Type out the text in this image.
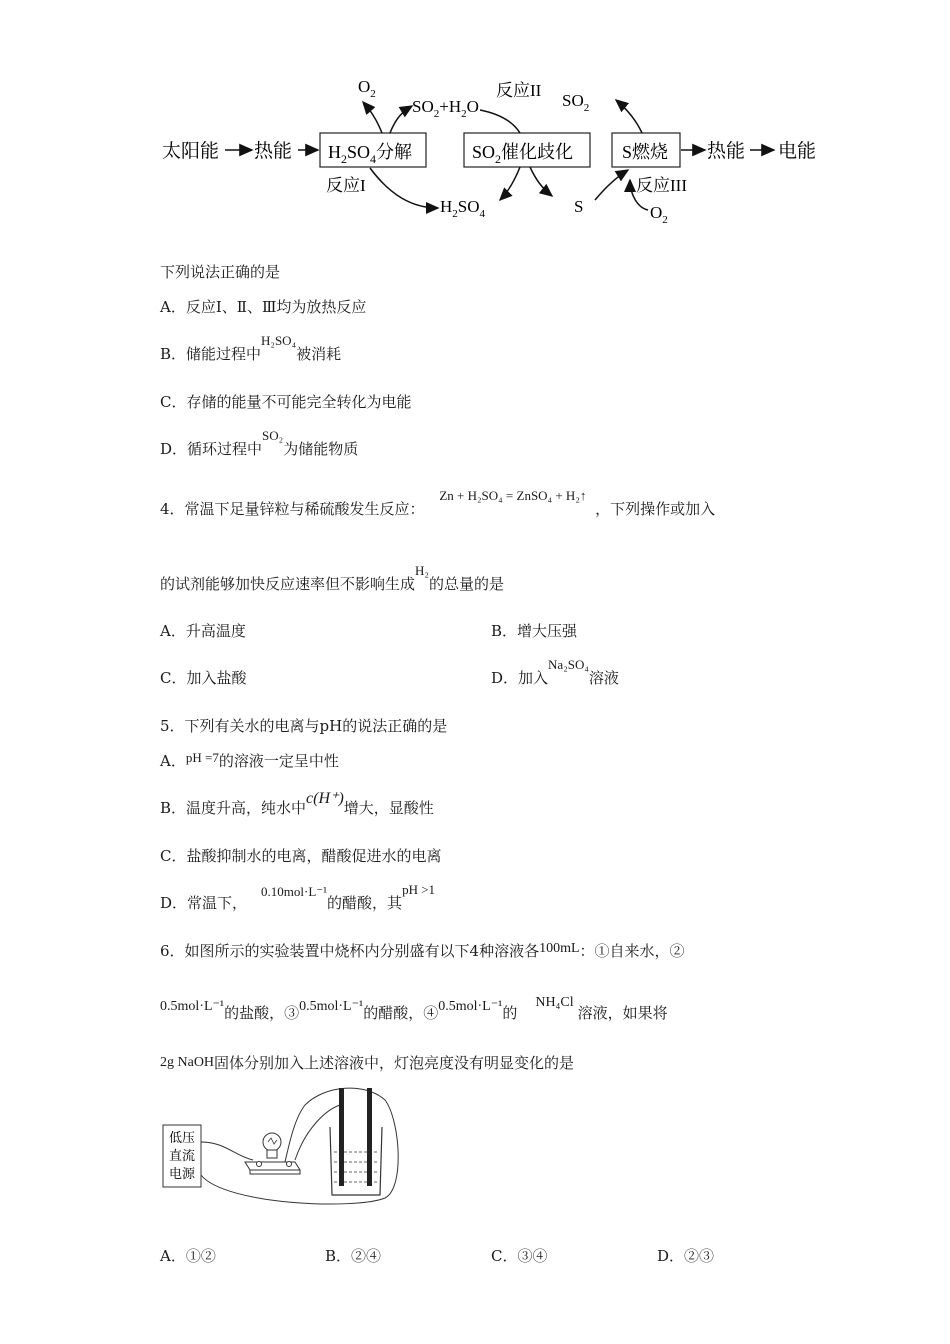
太阳能 热能 $H_2SO_4$分解	$SO_2$催化歧化	S燃烧 热能 电能
$O_2$
$SO_2+H_2O$
反应II
$SO_2$
反应I
$H_2SO_4$	S
反应III
$O_2$
下列说法正确的是
A．反应Ⅰ、Ⅱ、Ⅲ均为放热反应
B．储能过程中H₂SO₄被消耗
C．存储的能量不可能完全转化为电能
D．循环过程中SO₂为储能物质
4．常温下足量锌粒与稀硫酸发生反应： Zn + H₂SO₄ = ZnSO₄ + H₂↑ ，下列操作或加入
的试剂能够加快反应速率但不影响生成H₂的总量的是
A．升高温度	B．增大压强
C．加入盐酸	D．加入Na₂SO₄溶液
5．下列有关水的电离与pH的说法正确的是
A．pH =7的溶液一定呈中性
B．温度升高，纯水中c(H⁺)增大，显酸性
C．盐酸抑制水的电离，醋酸促进水的电离
D．常温下，0.10mol·L⁻¹的醋酸，其pH >1
6．如图所示的实验装置中烧杯内分别盛有以下4种溶液各100mL：①自来水，②
0.5mol·L⁻¹的盐酸，③0.5mol·L⁻¹的醋酸，④0.5mol·L⁻¹的NH₄Cl溶液，如果将
2g NaOH固体分别加入上述溶液中，灯泡亮度没有明显变化的是
低压
直流
电源
A．①②	B．②④	C．③④	D．②③
